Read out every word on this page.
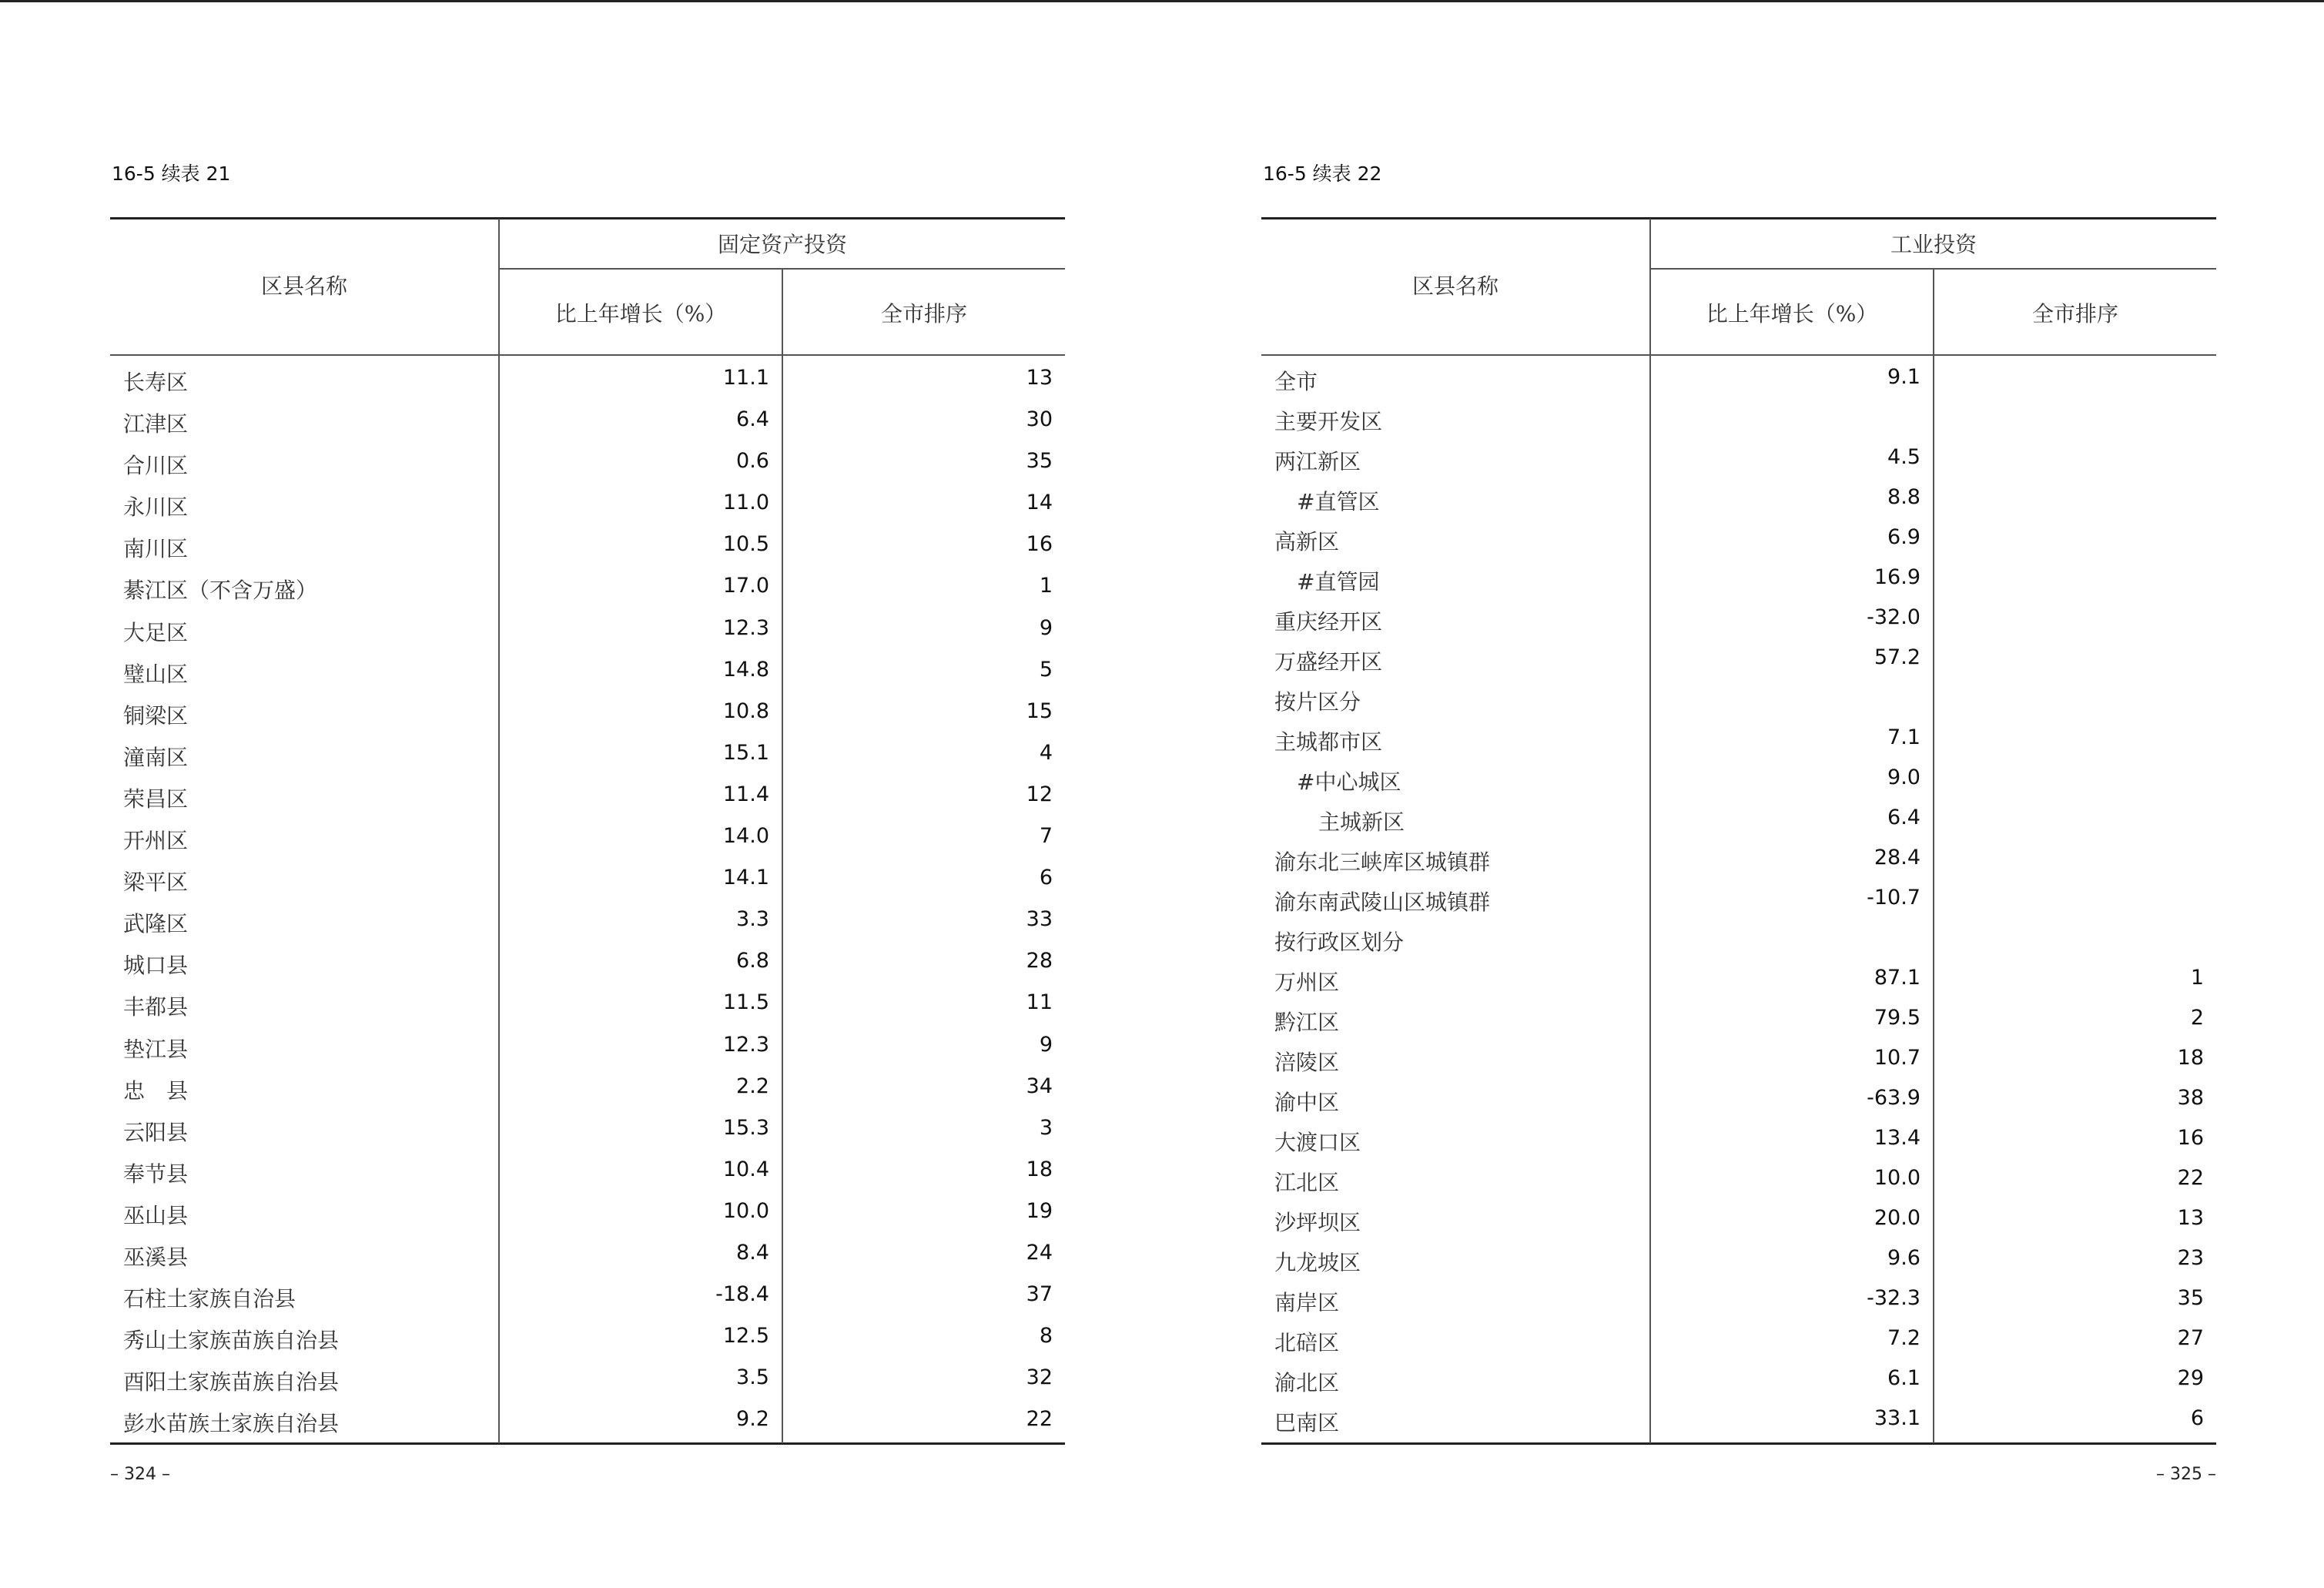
16-5 续表 21
区县名称
固定资产投资
比上年增长（%）	全市排序
长寿区	11.1	13
江津区	6.4	30
合川区	0.6	35
永川区	11.0	14
南川区	10.5	16
綦江区（不含万盛）	17.0	1
大足区	12.3	9
璧山区	14.8	5
铜梁区	10.8	15
潼南区	15.1	4
荣昌区	11.4	12
开州区	14.0	7
梁平区	14.1	6
武隆区	3.3	33
城口县	6.8	28
丰都县	11.5	11
垫江县	12.3	9
忠　县	2.2	34
云阳县	15.3	3
奉节县	10.4	18
巫山县	10.0	19
巫溪县	8.4	24
石柱土家族自治县	-18.4	37
秀山土家族苗族自治县	12.5	8
酉阳土家族苗族自治县	3.5	32
彭水苗族土家族自治县	9.2	22
– 324 –
16-5 续表 22
区县名称
工业投资
比上年增长（%）	全市排序
全市	9.1
主要开发区
两江新区	4.5
#直管区	8.8
高新区	6.9
#直管园	16.9
重庆经开区	-32.0
万盛经开区	57.2
按片区分
主城都市区	7.1
#中心城区	9.0
主城新区	6.4
渝东北三峡库区城镇群	28.4
渝东南武陵山区城镇群	-10.7
按行政区划分
万州区	87.1	1
黔江区	79.5	2
涪陵区	10.7	18
渝中区	-63.9	38
大渡口区	13.4	16
江北区	10.0	22
沙坪坝区	20.0	13
九龙坡区	9.6	23
南岸区	-32.3	35
北碚区	7.2	27
渝北区	6.1	29
巴南区	33.1	6
– 325 –
